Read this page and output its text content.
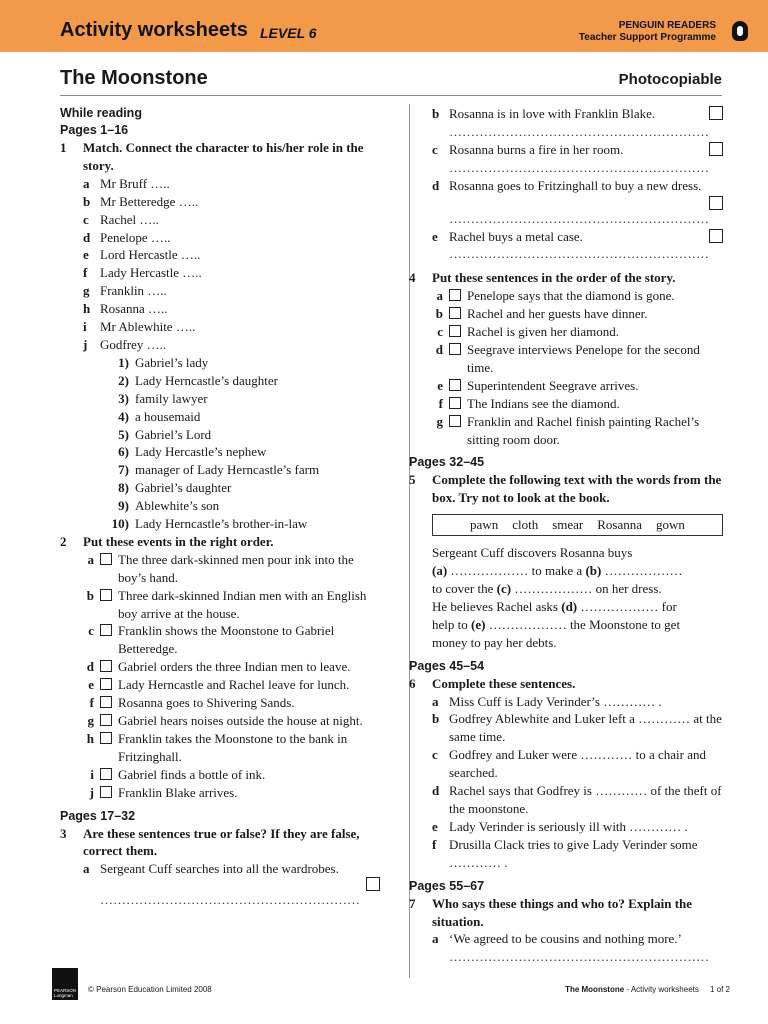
Activity worksheets LEVEL 6	PENGUIN READERS
Teacher Support Programme
The Moonstone	Photocopiable
While reading
Pages 1–16
1	Match. Connect the character to his/her role in the story.
a Mr Bruff …..
b Mr Betteredge …..
c Rachel …..
d Penelope …..
e Lord Hercastle …..
f Lady Hercastle …..
g Franklin …..
h Rosanna …..
i	Mr Ablewhite …..
j Godfrey …..
1) Gabriel’s lady
2) Lady Herncastle’s daughter
3) family lawyer
4) a housemaid
5) Gabriel’s Lord
6) Lady Hercastle’s nephew
7) manager of Lady Herncastle’s farm
8) Gabriel’s daughter
9) Ablewhite’s son
10) Lady Herncastle’s brother-in-law
2	Put these events in the right order.
a	The three dark-skinned men pour ink into the boy’s hand.
b	Three dark-skinned Indian men with an English boy arrive at the house.
c	Franklin shows the Moonstone to Gabriel Betteredge.
d	Gabriel orders the three Indian men to leave.
e	Lady Herncastle and Rachel leave for lunch.
f	Rosanna goes to Shivering Sands.
g	Gabriel hears noises outside the house at night.
h	Franklin takes the Moonstone to the bank in Fritzinghall.
i	Gabriel finds a bottle of ink.
j	Franklin Blake arrives.
Pages 17–32
3	Are these sentences true or false? If they are false, correct them.
a Sergeant Cuff searches into all the wardrobes.
……………………………………………………
b Rosanna is in love with Franklin Blake.
……………………………………………………
c Rosanna burns a fire in her room.
……………………………………………………
d Rosanna goes to Fritzinghall to buy a new dress.
……………………………………………………
e Rachel buys a metal case.
……………………………………………………
4	Put these sentences in the order of the story.
a	Penelope says that the diamond is gone.
b	Rachel and her guests have dinner.
c	Rachel is given her diamond.
d	Seegrave interviews Penelope for the second time.
e	Superintendent Seegrave arrives.
f	The Indians see the diamond.
g	Franklin and Rachel finish painting Rachel’s sitting room door.
Pages 32–45
5	Complete the following text with the words from the box. Try not to look at the book.
pawn cloth smear Rosanna gown
Sergeant Cuff discovers Rosanna buys
(a) ……………… to make a (b) ………………
to cover the (c) ……………… on her dress.
He believes Rachel asks (d) ……………… for
help to (e) ……………… the Moonstone to get
money to pay her debts.
Pages 45–54
6	Complete these sentences.
a Miss Cuff is Lady Verinder’s ………… .
b Godfrey Ablewhite and Luker left a ………… at the same time.
c Godfrey and Luker were ………… to a chair and searched.
d Rachel says that Godfrey is ………… of the theft of the moonstone.
e Lady Verinder is seriously ill with ………… .
f Drusilla Clack tries to give Lady Verinder some ………… .
Pages 55–67
7	Who says these things and who to? Explain the situation.
a ‘We agreed to be cousins and nothing more.’
……………………………………………………
PEARSON
Longman
© Pearson Education Limited 2008	The Moonstone - Activity worksheets 1 of 2
